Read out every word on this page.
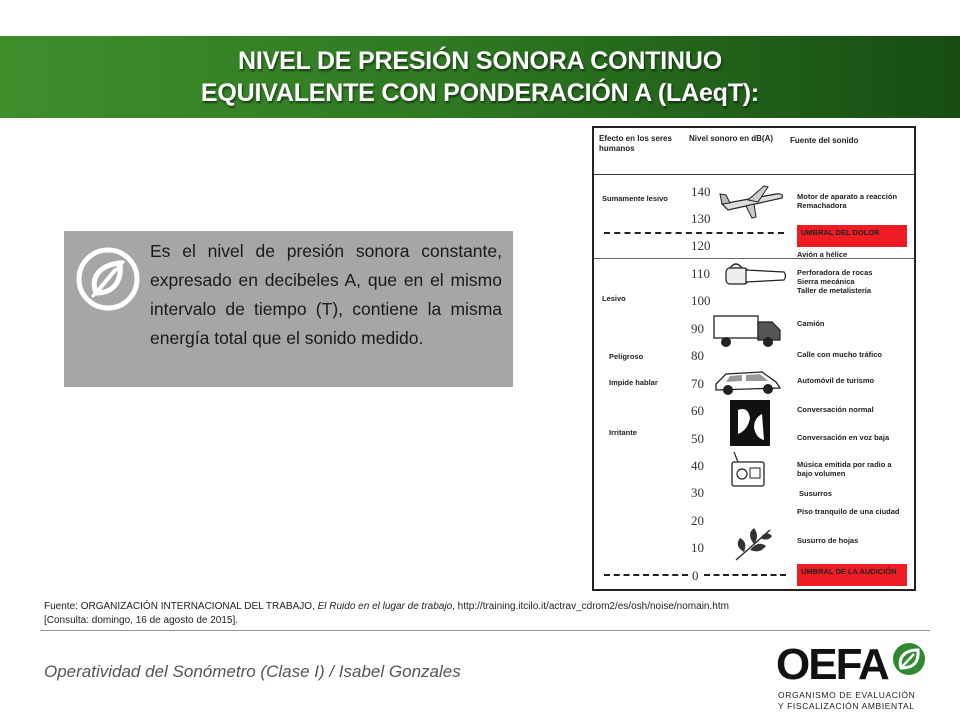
NIVEL DE PRESIÓN SONORA CONTINUO
EQUIVALENTE CON PONDERACIÓN A (LAeqT):

Es el nivel de presión sonora constante, expresado en decibeles A, que en el mismo intervalo de tiempo (T), contiene la misma energía total que el sonido medido.

Efecto en los seres humanos
Nivel sonoro en dB(A)	Fuente del sonido
140
130
120
110
100
90
80
70
60
50
40
30
20
10
0
Sumamente lesivo
Lesivo
Peligroso
Impide hablar
Irritante
UMBRAL DEL DOLOR
UMBRAL DE LA AUDICIÓN
Motor de aparato a reacción
Remachadora
Avión a hélice
Perforadora de rocas
Sierra mecánica
Taller de metalistería
Camión
Calle con mucho tráfico
Automóvil de turismo
Conversación normal
Conversación en voz baja
Música emitida por radio a bajo volumen
Susurros
Piso tranquilo de una ciudad
Susurro de hojas
Fuente: ORGANIZACIÓN INTERNACIONAL DEL TRABAJO, El Ruido en el lugar de trabajo, http://training.itcilo.it/actrav_cdrom2/es/osh/noise/nomain.htm
[Consulta: domingo, 16 de agosto de 2015].
Operatividad del Sonómetro (Clase I) / Isabel Gonzales	OEFA
ORGANISMO DE EVALUACIÓN
Y FISCALIZACIÓN AMBIENTAL
